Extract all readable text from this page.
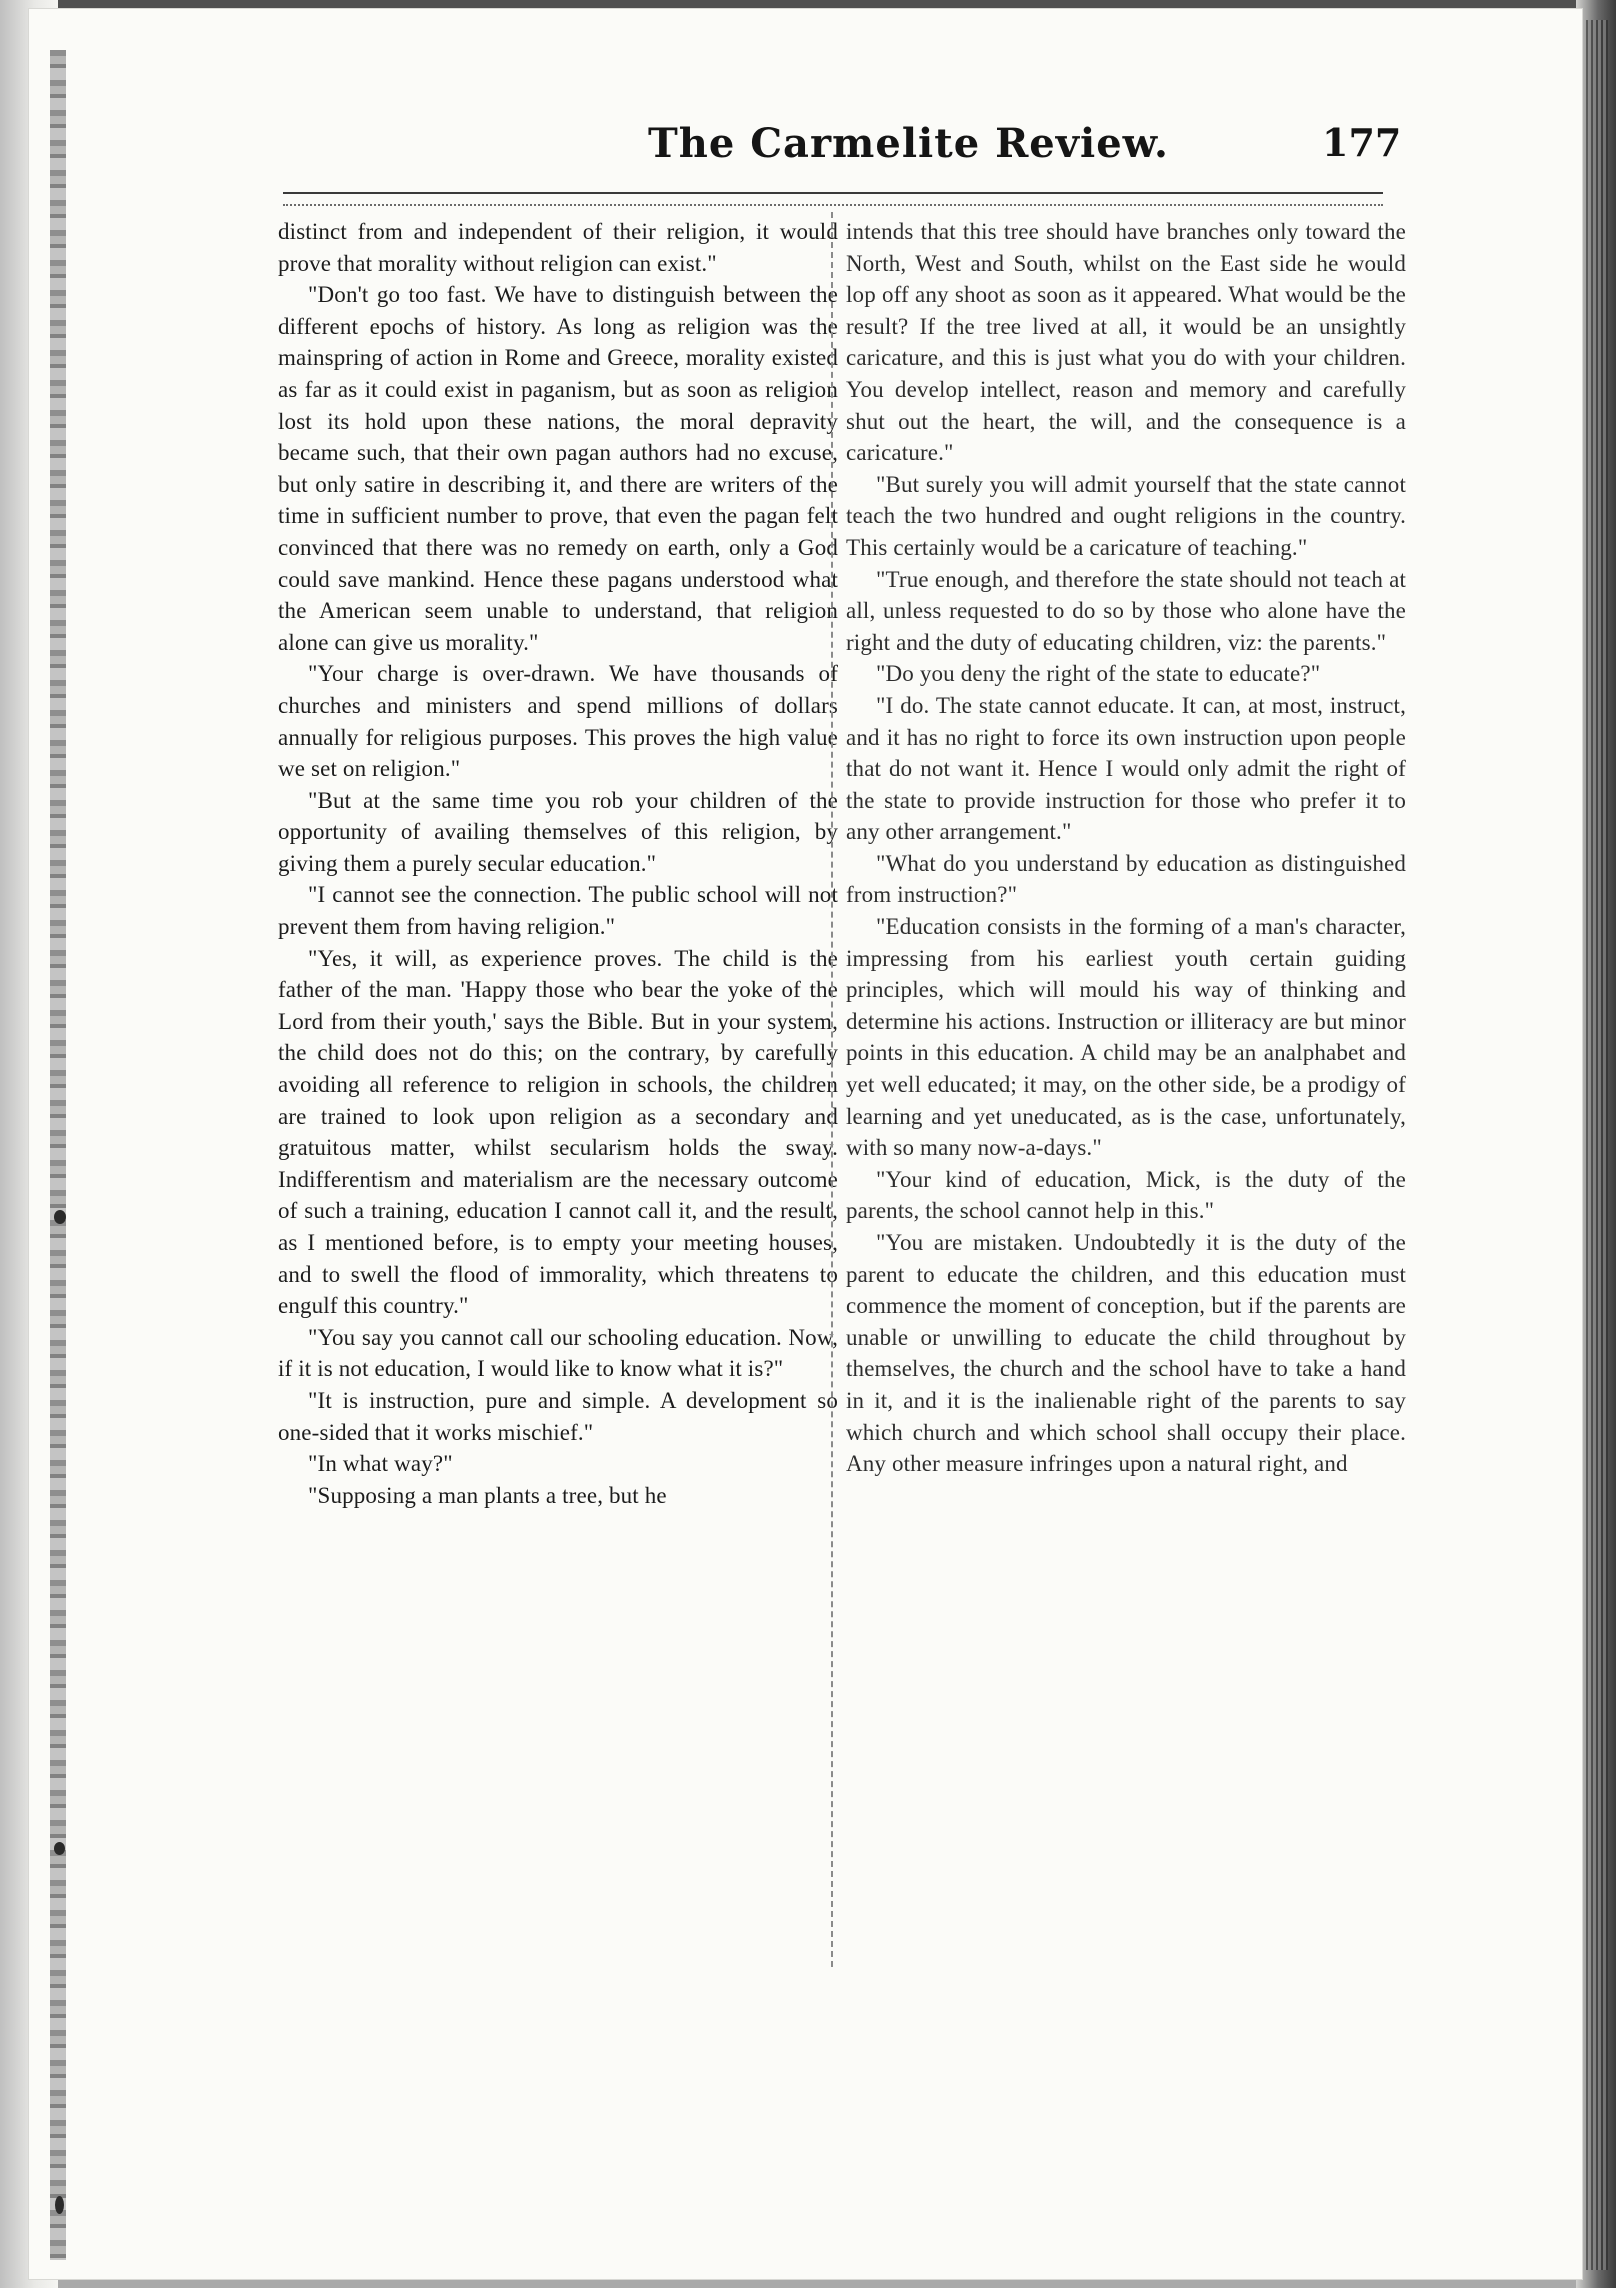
The Carmelite Review.	177

distinct from and independent of their religion, it would prove that morality without religion can exist."

"Don't go too fast. We have to distinguish between the different epochs of history. As long as religion was the mainspring of action in Rome and Greece, morality existed as far as it could exist in paganism, but as soon as religion lost its hold upon these nations, the moral depravity became such, that their own pagan authors had no excuse, but only satire in describing it, and there are writers of the time in sufficient number to prove, that even the pagan felt convinced that there was no remedy on earth, only a God could save mankind. Hence these pagans understood what the American seem unable to understand, that religion alone can give us morality."

"Your charge is over-drawn. We have thousands of churches and ministers and spend millions of dollars annually for religious purposes. This proves the high value we set on religion."

"But at the same time you rob your children of the opportunity of availing themselves of this religion, by giving them a purely secular education."

"I cannot see the connection. The public school will not prevent them from having religion."

"Yes, it will, as experience proves. The child is the father of the man. 'Happy those who bear the yoke of the Lord from their youth,' says the Bible. But in your system, the child does not do this; on the contrary, by carefully avoiding all reference to religion in schools, the children are trained to look upon religion as a secondary and gratuitous matter, whilst secularism holds the sway. Indifferentism and materialism are the necessary outcome of such a training, education I cannot call it, and the result, as I mentioned before, is to empty your meeting houses, and to swell the flood of immorality, which threatens to engulf this country."

"You say you cannot call our schooling education. Now, if it is not education, I would like to know what it is?"

"It is instruction, pure and simple. A development so one-sided that it works mischief."

"In what way?"

"Supposing a man plants a tree, but he

intends that this tree should have branches only toward the North, West and South, whilst on the East side he would lop off any shoot as soon as it appeared. What would be the result? If the tree lived at all, it would be an unsightly caricature, and this is just what you do with your children. You develop intellect, reason and memory and carefully shut out the heart, the will, and the consequence is a caricature."

"But surely you will admit yourself that the state cannot teach the two hundred and ought religions in the country. This certainly would be a caricature of teaching."

"True enough, and therefore the state should not teach at all, unless requested to do so by those who alone have the right and the duty of educating children, viz: the parents."

"Do you deny the right of the state to educate?"

"I do. The state cannot educate. It can, at most, instruct, and it has no right to force its own instruction upon people that do not want it. Hence I would only admit the right of the state to provide instruction for those who prefer it to any other arrangement."

"What do you understand by education as distinguished from instruction?"

"Education consists in the forming of a man's character, impressing from his earliest youth certain guiding principles, which will mould his way of thinking and determine his actions. Instruction or illiteracy are but minor points in this education. A child may be an analphabet and yet well educated; it may, on the other side, be a prodigy of learning and yet uneducated, as is the case, unfortunately, with so many now-a-days."

"Your kind of education, Mick, is the duty of the parents, the school cannot help in this."

"You are mistaken. Undoubtedly it is the duty of the parent to educate the children, and this education must commence the moment of conception, but if the parents are unable or unwilling to educate the child throughout by themselves, the church and the school have to take a hand in it, and it is the inalienable right of the parents to say which church and which school shall occupy their place. Any other measure infringes upon a natural right, and
